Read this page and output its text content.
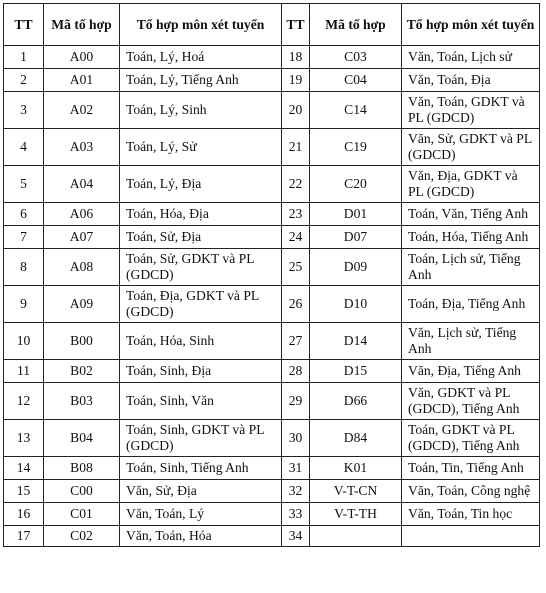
TT	Mã tổ hợp	Tổ hợp môn xét tuyển	TT	Mã tổ hợp	Tổ hợp môn xét tuyển
1	A00	Toán, Lý, Hoá	18	C03	Văn, Toán, Lịch sử
2	A01	Toán, Lý, Tiếng Anh	19	C04	Văn, Toán, Địa
3	A02	Toán, Lý, Sinh	20	C14	Văn, Toán, GDKT và PL (GDCD)
4	A03	Toán, Lý, Sử	21	C19	Văn, Sử, GDKT và PL (GDCD)
5	A04	Toán, Lý, Địa	22	C20	Văn, Địa, GDKT và PL (GDCD)
6	A06	Toán, Hóa, Địa	23	D01	Toán, Văn, Tiếng Anh
7	A07	Toán, Sử, Địa	24	D07	Toán, Hóa, Tiếng Anh
8	A08	Toán, Sử, GDKT và PL (GDCD)	25	D09	Toán, Lịch sử, Tiếng Anh
9	A09	Toán, Địa, GDKT và PL (GDCD)	26	D10	Toán, Địa, Tiếng Anh
10	B00	Toán, Hóa, Sinh	27	D14	Văn, Lịch sử, Tiếng Anh
11	B02	Toán, Sinh, Địa	28	D15	Văn, Địa, Tiếng Anh
12	B03	Toán, Sinh, Văn	29	D66	Văn, GDKT và PL (GDCD), Tiếng Anh
13	B04	Toán, Sinh, GDKT và PL (GDCD)	30	D84	Toán, GDKT và PL (GDCD), Tiếng Anh
14	B08	Toán, Sinh, Tiếng Anh	31	K01	Toán, Tin, Tiếng Anh
15	C00	Văn, Sử, Địa	32	V-T-CN	Văn, Toán, Công nghệ
16	C01	Văn, Toán, Lý	33	V-T-TH	Văn, Toán, Tin học
17	C02	Văn, Toán, Hóa	34		
